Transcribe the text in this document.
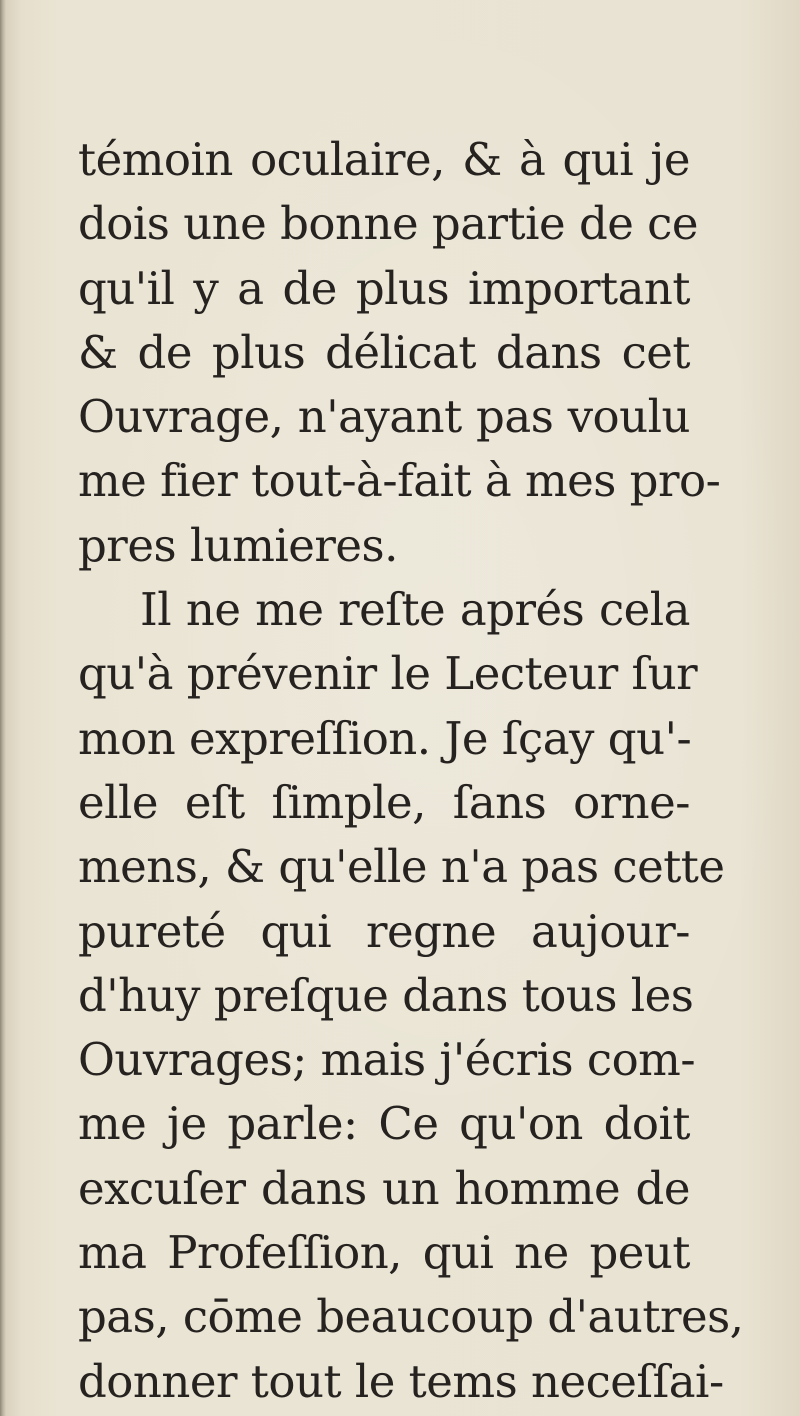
témoin oculaire, & à qui je
dois une bonne partie de ce
qu'il y a de plus important
& de plus délicat dans cet
Ouvrage, n'ayant pas voulu
me fier tout-à-fait à mes pro-
pres lumieres.
Il ne me reſte aprés cela
qu'à prévenir le Lecteur ſur
mon expreſſion. Je ſçay qu'-
elle eſt ſimple, ſans orne-
mens, & qu'elle n'a pas cette
pureté qui regne aujour-
d'huy preſque dans tous les
Ouvrages; mais j'écris com-
me je parle: Ce qu'on doit
excuſer dans un homme de
ma Profeſſion, qui ne peut
pas, cōme beaucoup d'autres,
donner tout le tems neceſſai-
